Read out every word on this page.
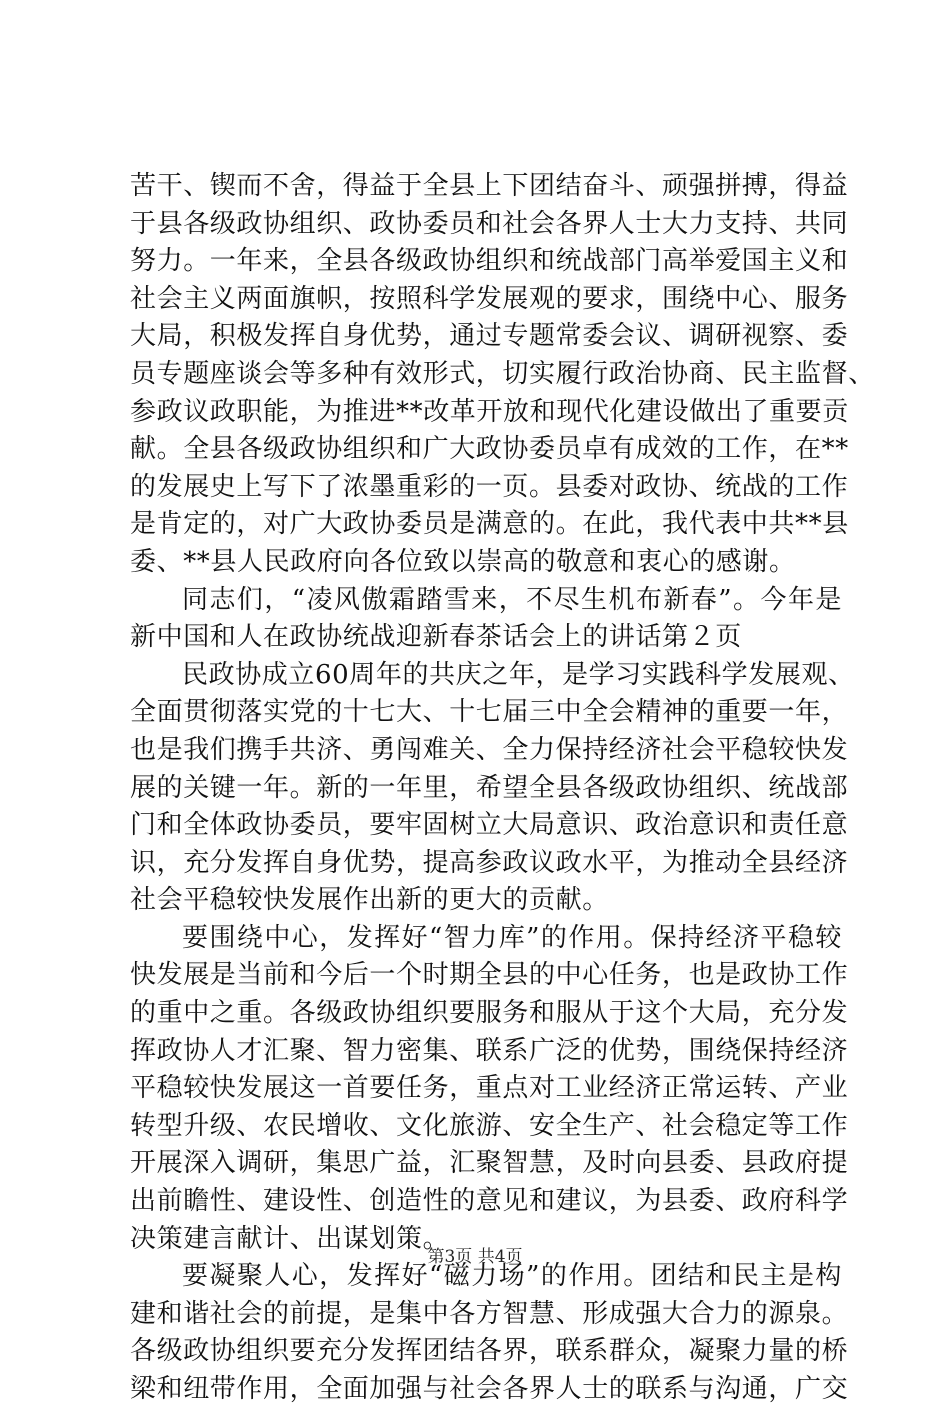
苦干、锲而不舍，得益于全县上下团结奋斗、顽强拼搏，得益
于县各级政协组织、政协委员和社会各界人士大力支持、共同
努力。一年来，全县各级政协组织和统战部门高举爱国主义和
社会主义两面旗帜，按照科学发展观的要求，围绕中心、服务
大局，积极发挥自身优势，通过专题常委会议、调研视察、委
员专题座谈会等多种有效形式，切实履行政治协商、民主监督、
参政议政职能，为推进**改革开放和现代化建设做出了重要贡
献。全县各级政协组织和广大政协委员卓有成效的工作，在**
的发展史上写下了浓墨重彩的一页。县委对政协、统战的工作
是肯定的，对广大政协委员是满意的。在此，我代表中共**县
委、**县人民政府向各位致以崇高的敬意和衷心的感谢。
同志们，“凌风傲霜踏雪来，不尽生机布新春”。今年是
新中国和人在政协统战迎新春茶话会上的讲话第２页
民政协成立60周年的共庆之年，是学习实践科学发展观、
全面贯彻落实党的十七大、十七届三中全会精神的重要一年，
也是我们携手共济、勇闯难关、全力保持经济社会平稳较快发
展的关键一年。新的一年里，希望全县各级政协组织、统战部
门和全体政协委员，要牢固树立大局意识、政治意识和责任意
识，充分发挥自身优势，提高参政议政水平，为推动全县经济
社会平稳较快发展作出新的更大的贡献。
要围绕中心，发挥好“智力库”的作用。保持经济平稳较
快发展是当前和今后一个时期全县的中心任务，也是政协工作
的重中之重。各级政协组织要服务和服从于这个大局，充分发
挥政协人才汇聚、智力密集、联系广泛的优势，围绕保持经济
平稳较快发展这一首要任务，重点对工业经济正常运转、产业
转型升级、农民增收、文化旅游、安全生产、社会稳定等工作
开展深入调研，集思广益，汇聚智慧，及时向县委、县政府提
出前瞻性、建设性、创造性的意见和建议，为县委、政府科学
决策建言献计、出谋划策。
要凝聚人心，发挥好“磁力场”的作用。团结和民主是构
建和谐社会的前提，是集中各方智慧、形成强大合力的源泉。
各级政协组织要充分发挥团结各界，联系群众，凝聚力量的桥
梁和纽带作用，全面加强与社会各界人士的联系与沟通，广交
第3页 共4页
